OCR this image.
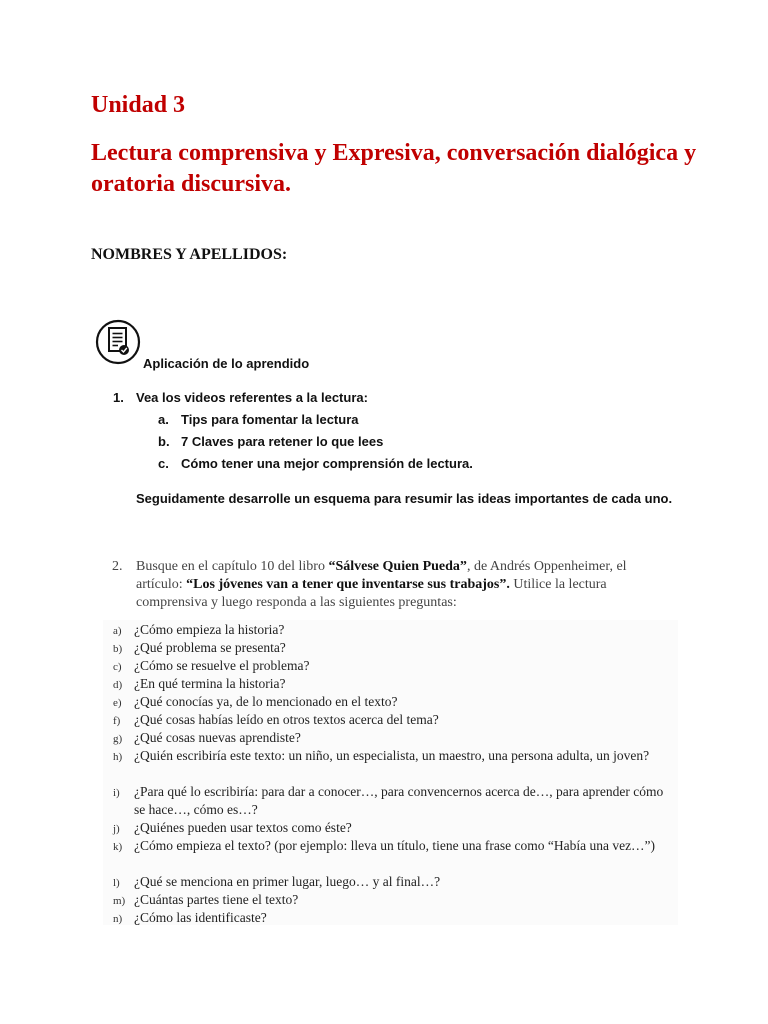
Unidad 3
Lectura comprensiva y Expresiva, conversación dialógica y oratoria discursiva.
NOMBRES Y APELLIDOS:
Aplicación de lo aprendido
1. Vea los videos referentes a la lectura:
a. Tips para fomentar la lectura
b. 7 Claves para retener lo que lees
c. Cómo tener una mejor comprensión de lectura.
Seguidamente desarrolle un esquema para resumir las ideas importantes de cada uno.
2. Busque en el capítulo 10 del libro “Sálvese Quien Pueda”, de Andrés Oppenheimer, el artículo: “Los jóvenes van a tener que inventarse sus trabajos”. Utilice la lectura comprensiva y luego responda a las siguientes preguntas:
a) ¿Cómo empieza la historia?
b) ¿Qué problema se presenta?
c) ¿Cómo se resuelve el problema?
d) ¿En qué termina la historia?
e) ¿Qué conocías ya, de lo mencionado en el texto?
f) ¿Qué cosas habías leído en otros textos acerca del tema?
g) ¿Qué cosas nuevas aprendiste?
h) ¿Quién escribiría este texto: un niño, un especialista, un maestro, una persona adulta, un joven?
i) ¿Para qué lo escribiría: para dar a conocer…, para convencernos acerca de…, para aprender cómo se hace…, cómo es…?
j) ¿Quiénes pueden usar textos como éste?
k) ¿Cómo empieza el texto? (por ejemplo: lleva un título, tiene una frase como “Había una vez…”)
l) ¿Qué se menciona en primer lugar, luego… y al final…?
m) ¿Cuántas partes tiene el texto?
n) ¿Cómo las identificaste?
